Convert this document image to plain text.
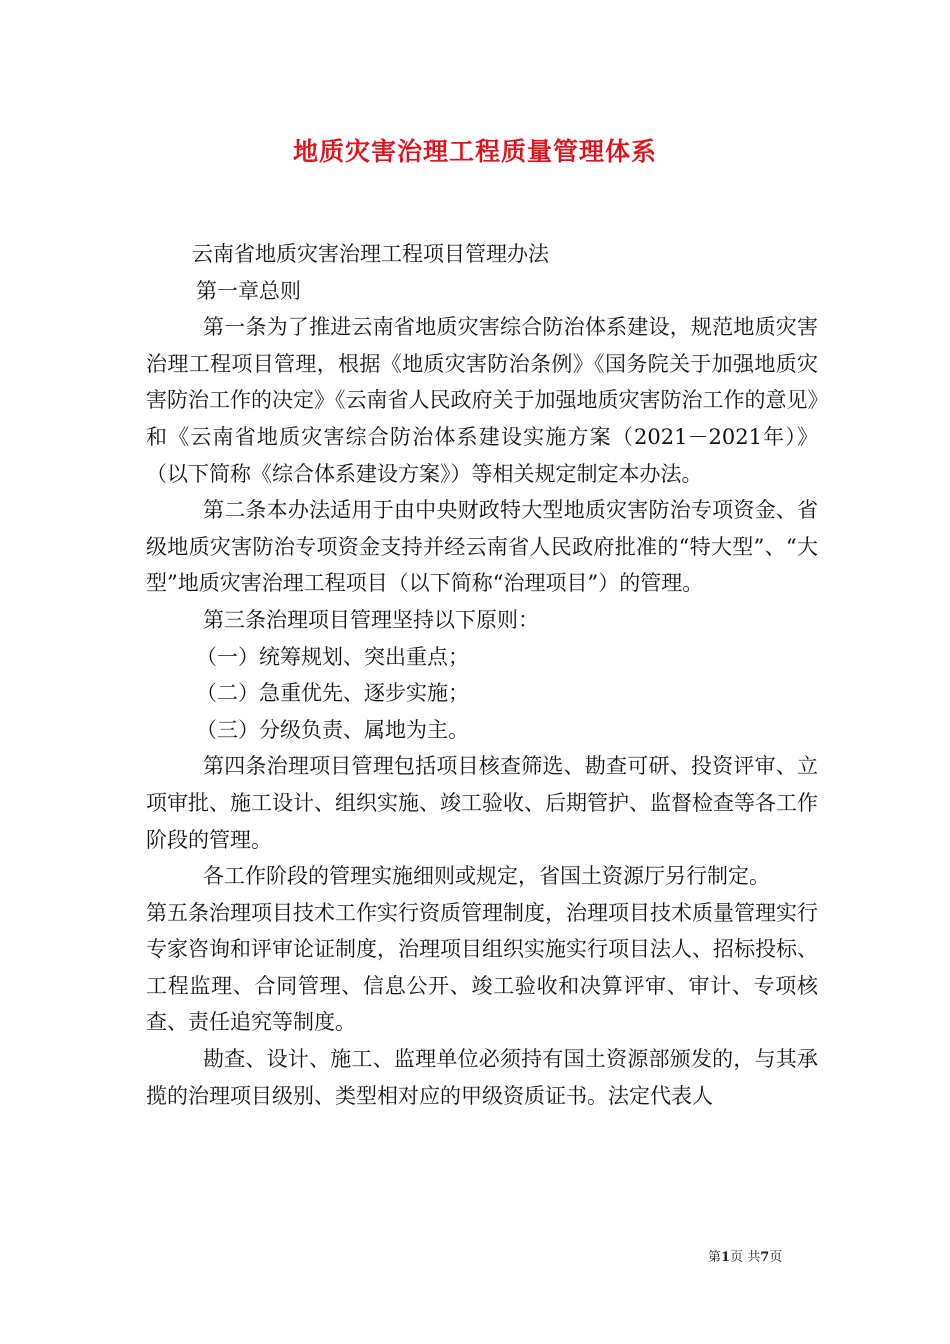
地质灾害治理工程质量管理体系

云南省地质灾害治理工程项目管理办法

第一章总则

第一条为了推进云南省地质灾害综合防治体系建设，规范地质灾害治理工程项目管理，根据《地质灾害防治条例》《国务院关于加强地质灾害防治工作的决定》《云南省人民政府关于加强地质灾害防治工作的意见》和《云南省地质灾害综合防治体系建设实施方案（2021－2021年）》（以下简称《综合体系建设方案》）等相关规定制定本办法。

第二条本办法适用于由中央财政特大型地质灾害防治专项资金、省级地质灾害防治专项资金支持并经云南省人民政府批准的“特大型”、“大型”地质灾害治理工程项目（以下简称“治理项目”）的管理。

第三条治理项目管理坚持以下原则：

（一）统筹规划、突出重点；

（二）急重优先、逐步实施；

（三）分级负责、属地为主。

第四条治理项目管理包括项目核查筛选、勘查可研、投资评审、立项审批、施工设计、组织实施、竣工验收、后期管护、监督检查等各工作阶段的管理。

各工作阶段的管理实施细则或规定，省国土资源厅另行制定。

第五条治理项目技术工作实行资质管理制度，治理项目技术质量管理实行专家咨询和评审论证制度，治理项目组织实施实行项目法人、招标投标、工程监理、合同管理、信息公开、竣工验收和决算评审、审计、专项核查、责任追究等制度。

勘查、设计、施工、监理单位必须持有国土资源部颁发的，与其承揽的治理项目级别、类型相对应的甲级资质证书。法定代表人

第1页 共7页
